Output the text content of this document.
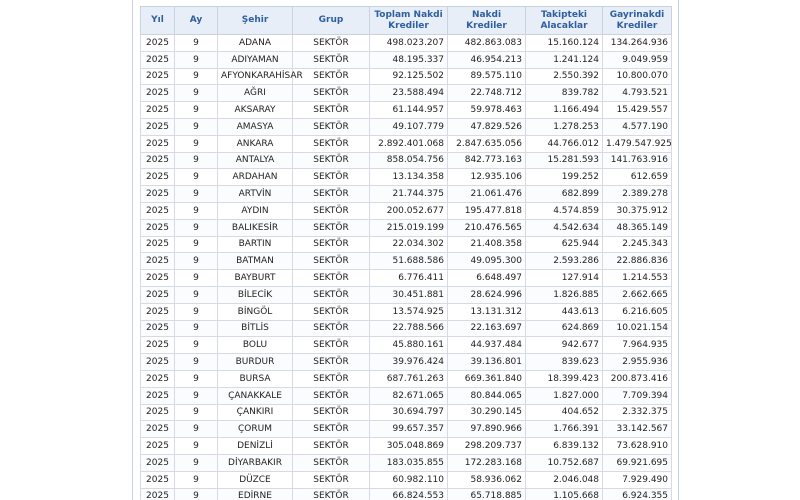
Yıl	Ay	Şehir	Grup	Toplam Nakdi Krediler	Nakdi Krediler	Takipteki Alacaklar	Gayrinakdi Krediler
2025	9	ADANA	SEKTÖR	498.023.207	482.863.083	15.160.124	134.264.936
2025	9	ADIYAMAN	SEKTÖR	48.195.337	46.954.213	1.241.124	9.049.959
2025	9	AFYONKARAHİSAR	SEKTÖR	92.125.502	89.575.110	2.550.392	10.800.070
2025	9	AĞRI	SEKTÖR	23.588.494	22.748.712	839.782	4.793.521
2025	9	AKSARAY	SEKTÖR	61.144.957	59.978.463	1.166.494	15.429.557
2025	9	AMASYA	SEKTÖR	49.107.779	47.829.526	1.278.253	4.577.190
2025	9	ANKARA	SEKTÖR	2.892.401.068	2.847.635.056	44.766.012	1.479.547.925
2025	9	ANTALYA	SEKTÖR	858.054.756	842.773.163	15.281.593	141.763.916
2025	9	ARDAHAN	SEKTÖR	13.134.358	12.935.106	199.252	612.659
2025	9	ARTVİN	SEKTÖR	21.744.375	21.061.476	682.899	2.389.278
2025	9	AYDIN	SEKTÖR	200.052.677	195.477.818	4.574.859	30.375.912
2025	9	BALIKESİR	SEKTÖR	215.019.199	210.476.565	4.542.634	48.365.149
2025	9	BARTIN	SEKTÖR	22.034.302	21.408.358	625.944	2.245.343
2025	9	BATMAN	SEKTÖR	51.688.586	49.095.300	2.593.286	22.886.836
2025	9	BAYBURT	SEKTÖR	6.776.411	6.648.497	127.914	1.214.553
2025	9	BİLECİK	SEKTÖR	30.451.881	28.624.996	1.826.885	2.662.665
2025	9	BİNGÖL	SEKTÖR	13.574.925	13.131.312	443.613	6.216.605
2025	9	BİTLİS	SEKTÖR	22.788.566	22.163.697	624.869	10.021.154
2025	9	BOLU	SEKTÖR	45.880.161	44.937.484	942.677	7.964.935
2025	9	BURDUR	SEKTÖR	39.976.424	39.136.801	839.623	2.955.936
2025	9	BURSA	SEKTÖR	687.761.263	669.361.840	18.399.423	200.873.416
2025	9	ÇANAKKALE	SEKTÖR	82.671.065	80.844.065	1.827.000	7.709.394
2025	9	ÇANKIRI	SEKTÖR	30.694.797	30.290.145	404.652	2.332.375
2025	9	ÇORUM	SEKTÖR	99.657.357	97.890.966	1.766.391	33.142.567
2025	9	DENİZLİ	SEKTÖR	305.048.869	298.209.737	6.839.132	73.628.910
2025	9	DİYARBAKIR	SEKTÖR	183.035.855	172.283.168	10.752.687	69.921.695
2025	9	DÜZCE	SEKTÖR	60.982.110	58.936.062	2.046.048	7.929.490
2025	9	EDİRNE	SEKTÖR	66.824.553	65.718.885	1.105.668	6.924.355
